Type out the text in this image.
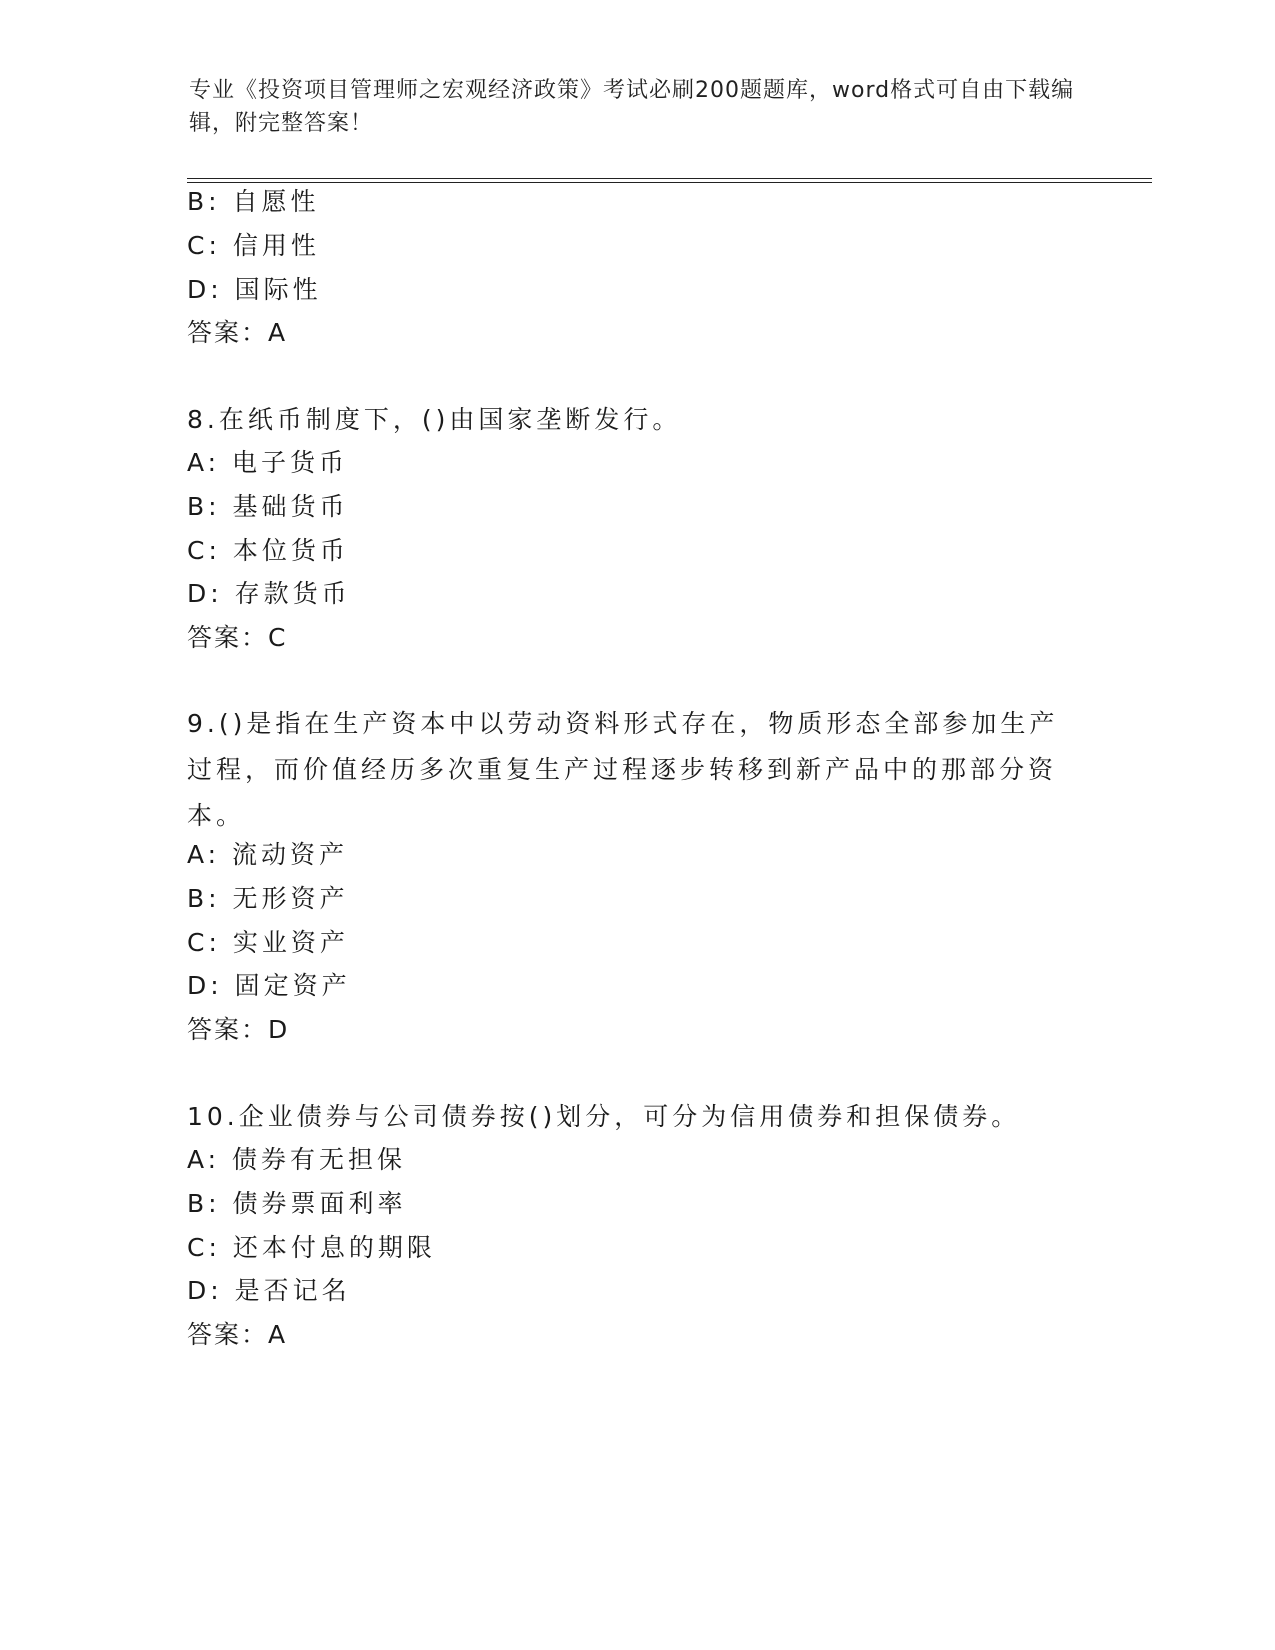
专业《投资项目管理师之宏观经济政策》考试必刷200题题库，word格式可自由下载编辑，附完整答案！
B: 自愿性
C: 信用性
D: 国际性
答案：A
8.在纸币制度下，()由国家垄断发行。
A: 电子货币
B: 基础货币
C: 本位货币
D: 存款货币
答案：C
9.()是指在生产资本中以劳动资料形式存在，物质形态全部参加生产过程，而价值经历多次重复生产过程逐步转移到新产品中的那部分资本。
A: 流动资产
B: 无形资产
C: 实业资产
D: 固定资产
答案：D
10.企业债券与公司债券按()划分，可分为信用债券和担保债券。
A: 债券有无担保
B: 债券票面利率
C: 还本付息的期限
D: 是否记名
答案：A
